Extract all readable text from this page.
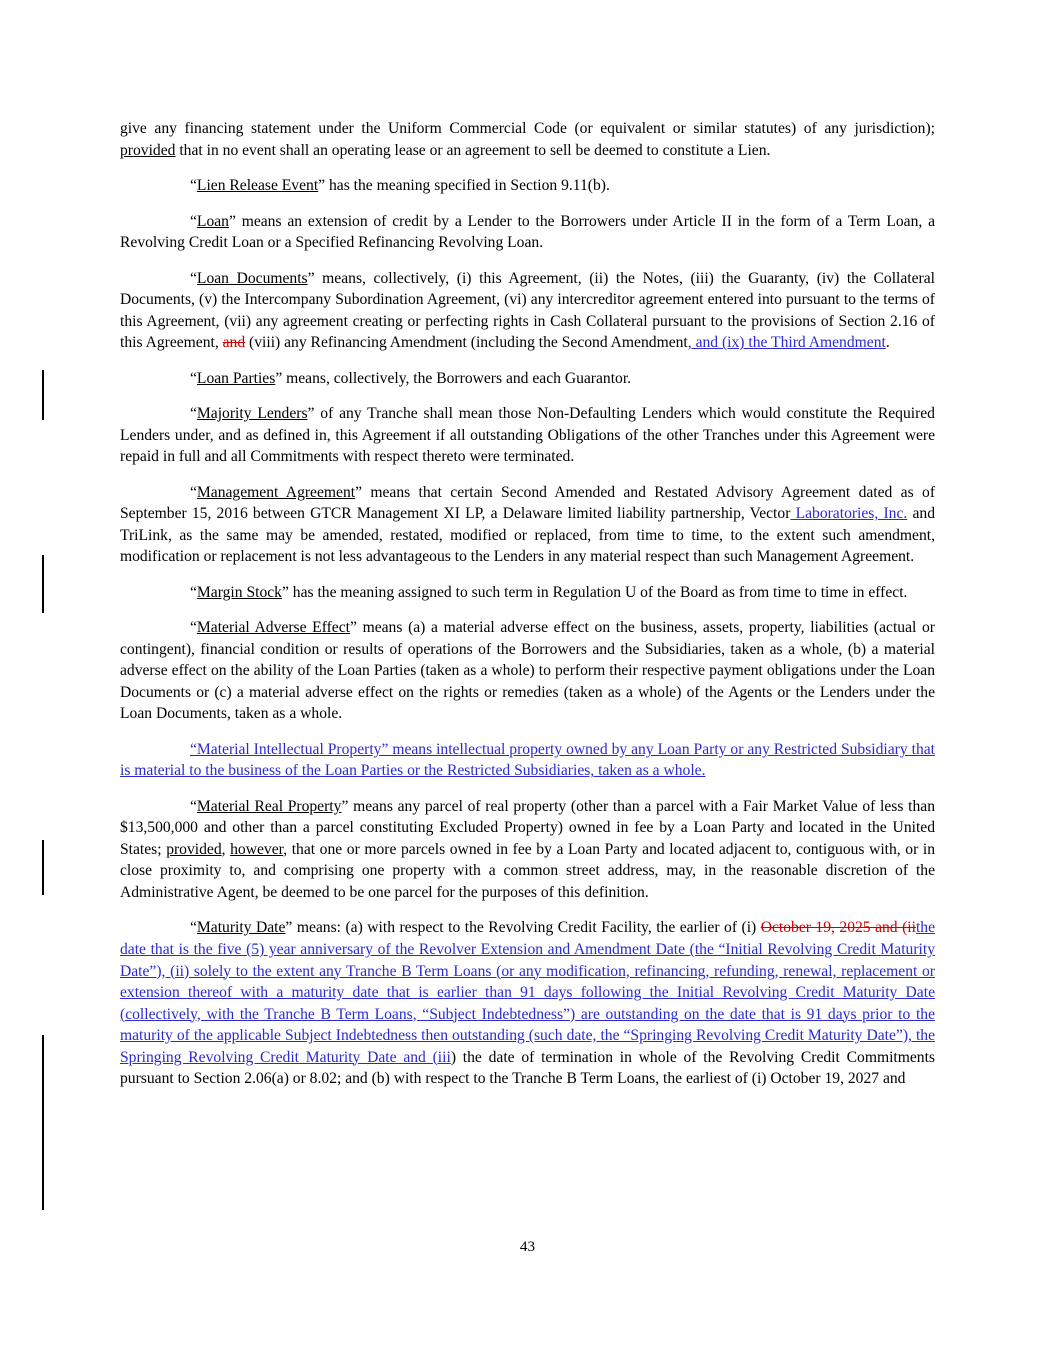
give any financing statement under the Uniform Commercial Code (or equivalent or similar statutes) of any jurisdiction); provided that in no event shall an operating lease or an agreement to sell be deemed to constitute a Lien.

“Lien Release Event” has the meaning specified in Section 9.11(b).

“Loan” means an extension of credit by a Lender to the Borrowers under Article II in the form of a Term Loan, a Revolving Credit Loan or a Specified Refinancing Revolving Loan.

“Loan Documents” means, collectively, (i) this Agreement, (ii) the Notes, (iii) the Guaranty, (iv) the Collateral Documents, (v) the Intercompany Subordination Agreement, (vi) any intercreditor agreement entered into pursuant to the terms of this Agreement, (vii) any agreement creating or perfecting rights in Cash Collateral pursuant to the provisions of Section 2.16 of this Agreement, and (viii) any Refinancing Amendment (including the Second Amendment, and (ix) the Third Amendment.

“Loan Parties” means, collectively, the Borrowers and each Guarantor.

“Majority Lenders” of any Tranche shall mean those Non-Defaulting Lenders which would constitute the Required Lenders under, and as defined in, this Agreement if all outstanding Obligations of the other Tranches under this Agreement were repaid in full and all Commitments with respect thereto were terminated.

“Management Agreement” means that certain Second Amended and Restated Advisory Agreement dated as of September 15, 2016 between GTCR Management XI LP, a Delaware limited liability partnership, Vector Laboratories, Inc. and TriLink, as the same may be amended, restated, modified or replaced, from time to time, to the extent such amendment, modification or replacement is not less advantageous to the Lenders in any material respect than such Management Agreement.

“Margin Stock” has the meaning assigned to such term in Regulation U of the Board as from time to time in effect.

“Material Adverse Effect” means (a) a material adverse effect on the business, assets, property, liabilities (actual or contingent), financial condition or results of operations of the Borrowers and the Subsidiaries, taken as a whole, (b) a material adverse effect on the ability of the Loan Parties (taken as a whole) to perform their respective payment obligations under the Loan Documents or (c) a material adverse effect on the rights or remedies (taken as a whole) of the Agents or the Lenders under the Loan Documents, taken as a whole.

“Material Intellectual Property” means intellectual property owned by any Loan Party or any Restricted Subsidiary that is material to the business of the Loan Parties or the Restricted Subsidiaries, taken as a whole.

“Material Real Property” means any parcel of real property (other than a parcel with a Fair Market Value of less than $13,500,000 and other than a parcel constituting Excluded Property) owned in fee by a Loan Party and located in the United States; provided, however, that one or more parcels owned in fee by a Loan Party and located adjacent to, contiguous with, or in close proximity to, and comprising one property with a common street address, may, in the reasonable discretion of the Administrative Agent, be deemed to be one parcel for the purposes of this definition.

“Maturity Date” means: (a) with respect to the Revolving Credit Facility, the earlier of (i) October 19, 2025 and (iithe date that is the five (5) year anniversary of the Revolver Extension and Amendment Date (the “Initial Revolving Credit Maturity Date”), (ii) solely to the extent any Tranche B Term Loans (or any modification, refinancing, refunding, renewal, replacement or extension thereof with a maturity date that is earlier than 91 days following the Initial Revolving Credit Maturity Date (collectively, with the Tranche B Term Loans, “Subject Indebtedness”) are outstanding on the date that is 91 days prior to the maturity of the applicable Subject Indebtedness then outstanding (such date, the “Springing Revolving Credit Maturity Date”), the Springing Revolving Credit Maturity Date and (iii) the date of termination in whole of the Revolving Credit Commitments pursuant to Section 2.06(a) or 8.02; and (b) with respect to the Tranche B Term Loans, the earliest of (i) October 19, 2027 and

43
